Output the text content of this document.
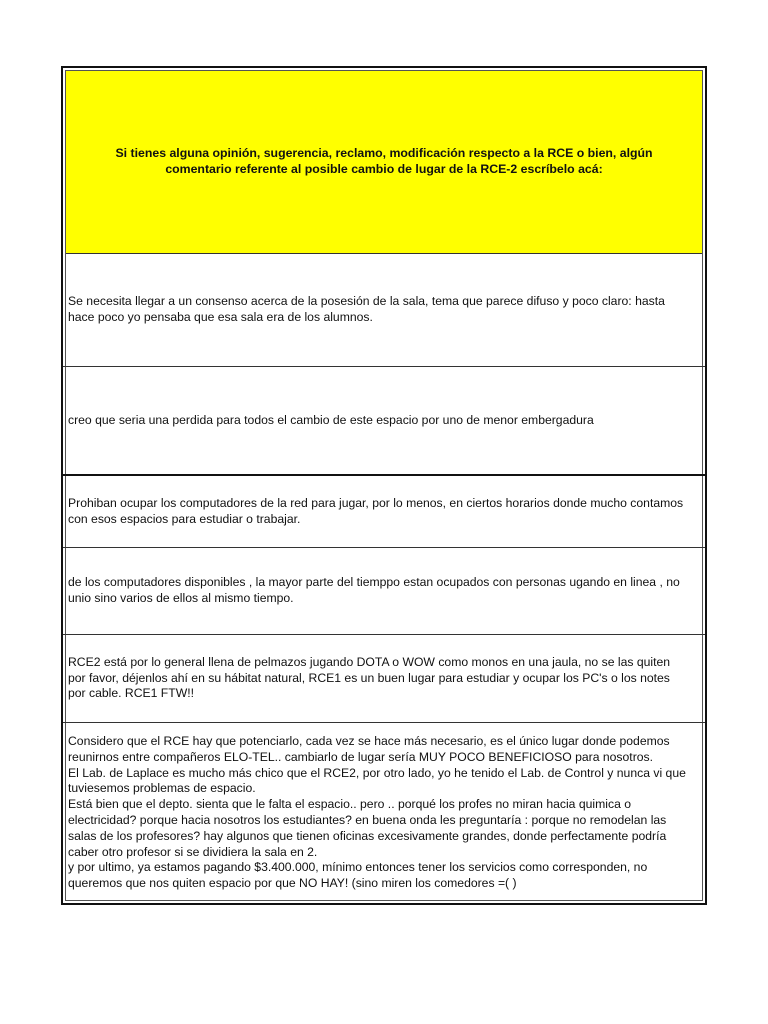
Si tienes alguna opinión, sugerencia, reclamo, modificación respecto a la RCE o bien, algún comentario referente al posible cambio de lugar de la RCE-2 escríbelo acá:
Se necesita llegar a un consenso acerca de la posesión de la sala, tema que parece difuso y poco claro: hasta
hace poco yo pensaba que esa sala era de los alumnos.
creo que seria una perdida para todos el cambio de este espacio por uno de menor embergadura
Prohiban ocupar los computadores de la red para jugar, por lo menos, en ciertos horarios donde mucho contamos
con esos espacios para estudiar o trabajar.
de los computadores disponibles , la mayor parte del tiemppo estan ocupados con personas ugando en linea , no
unio sino varios de ellos al mismo tiempo.
RCE2 está por lo general llena de pelmazos jugando DOTA o WOW como monos en una jaula, no se las quiten
por favor, déjenlos ahí en su hábitat natural, RCE1 es un buen lugar para estudiar y ocupar los PC's o los notes
por cable. RCE1 FTW!!
Considero que el RCE hay que potenciarlo, cada vez se hace más necesario, es el único lugar donde podemos
reunirnos entre compañeros ELO-TEL.. cambiarlo de lugar sería MUY POCO BENEFICIOSO para nosotros.
El Lab. de Laplace es mucho más chico que el RCE2, por otro lado, yo he tenido el Lab. de Control y nunca vi que
tuviesemos problemas de espacio.
Está bien que el depto. sienta que le falta el espacio.. pero .. porqué los profes no miran hacia quimica o
electricidad? porque hacia nosotros los estudiantes? en buena onda les preguntaría : porque no remodelan las
salas de los profesores? hay algunos que tienen oficinas excesivamente grandes, donde perfectamente podría
caber otro profesor si se dividiera la sala en 2.
y por ultimo, ya estamos pagando $3.400.000, mínimo entonces tener los servicios como corresponden, no
queremos que nos quiten espacio por que NO HAY! (sino miren los comedores =( )
